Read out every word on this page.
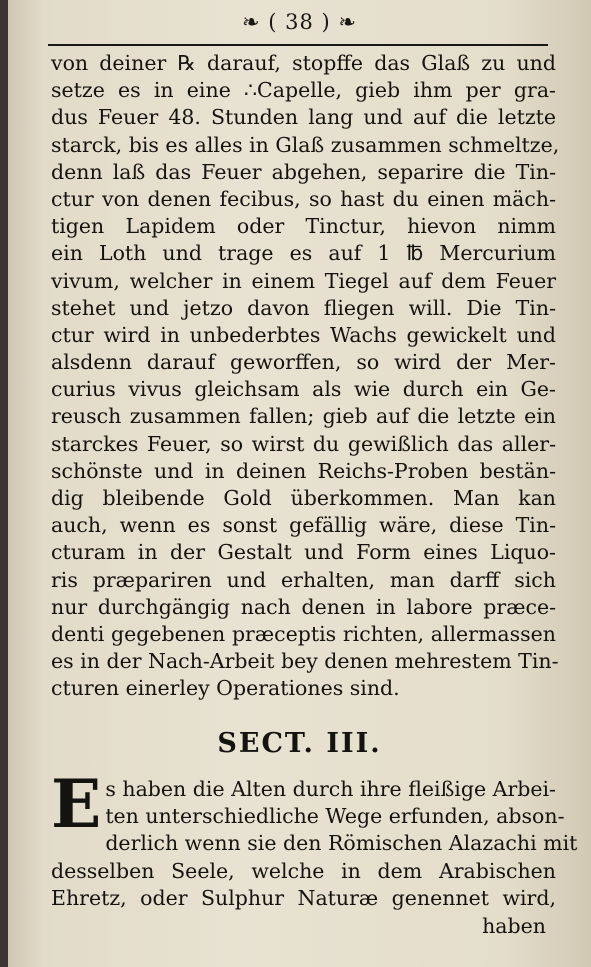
❧ ( 38 ) ❧
von deiner ℞ darauf, stopffe das Glaß zu und
setze es in eine ∴Capelle, gieb ihm per gra-
dus Feuer 48. Stunden lang und auf die letzte
starck, bis es alles in Glaß zusammen schmeltze,
denn laß das Feuer abgehen, separire die Tin-
ctur von denen fecibus, so hast du einen mäch-
tigen Lapidem oder Tinctur, hievon nimm
ein Loth und trage es auf 1 ℔ Mercurium
vivum, welcher in einem Tiegel auf dem Feuer
stehet und jetzo davon fliegen will. Die Tin-
ctur wird in unbederbtes Wachs gewickelt und
alsdenn darauf geworffen, so wird der Mer-
curius vivus gleichsam als wie durch ein Ge-
reusch zusammen fallen; gieb auf die letzte ein
starckes Feuer, so wirst du gewißlich das aller-
schönste und in deinen Reichs-Proben bestän-
dig bleibende Gold überkommen. Man kan
auch, wenn es sonst gefällig wäre, diese Tin-
cturam in der Gestalt und Form eines Liquo-
ris præpariren und erhalten, man darff sich
nur durchgängig nach denen in labore præce-
denti gegebenen præceptis richten, allermassen
es in der Nach-Arbeit bey denen mehrestem Tin-
cturen einerley Operationes sind.
SECT. III.
E s haben die Alten durch ihre fleißige Arbei-
ten unterschiedliche Wege erfunden, abson-
derlich wenn sie den Römischen Alazachi mit
desselben Seele, welche in dem Arabischen
Ehretz, oder Sulphur Naturæ genennet wird,
haben
